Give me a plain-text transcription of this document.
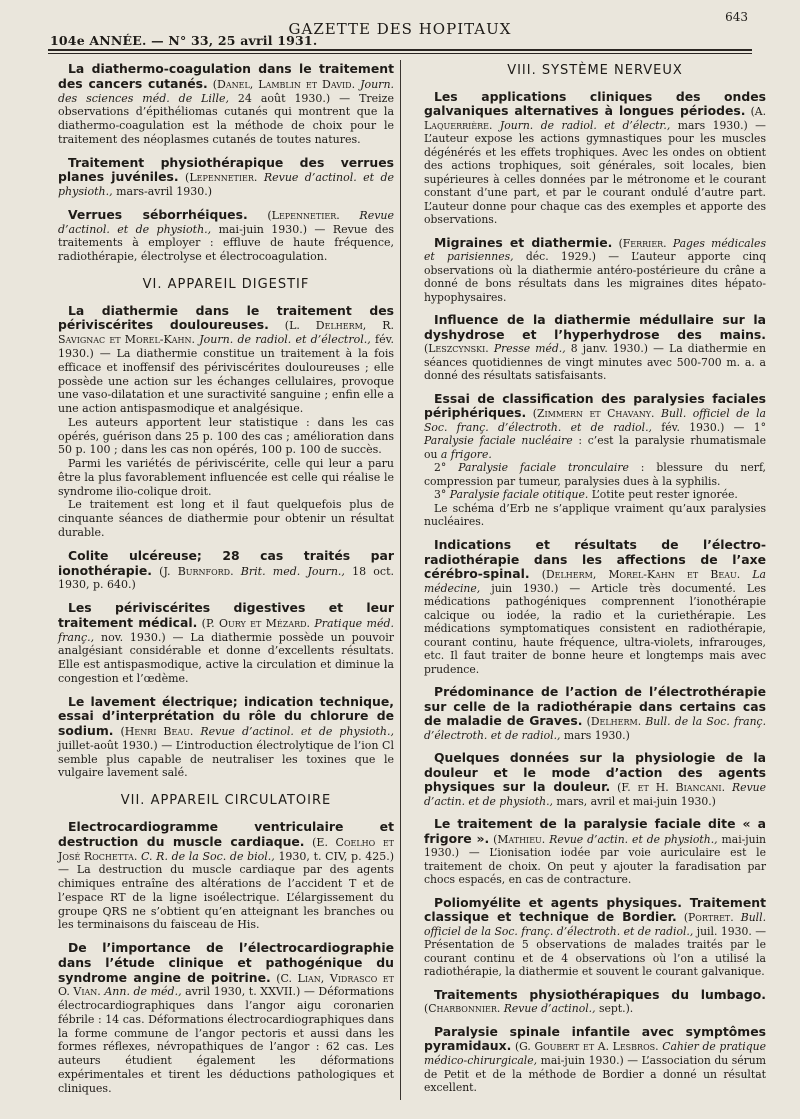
104e ANNÉE. — N° 33, 25 avril 1931.
GAZETTE DES HOPITAUX
643

La diathermo-coagulation dans le traitement des cancers cutanés. (Danel, Lamblin et David. Journ. des sciences méd. de Lille, 24 août 1930.) — Treize observations d’épithéliomas cutanés qui montrent que la diathermo-coagulation est la méthode de choix pour le traitement des néoplasmes cutanés de toutes natures.

Traitement physiothérapique des verrues planes juvéniles. (Lepennetier. Revue d’actinol. et de physioth., mars-avril 1930.)

Verrues séborrhéiques. (Lepennetier. Revue d’actinol. et de physioth., mai-juin 1930.) — Revue des traitements à employer : effluve de haute fréquence, radiothérapie, électrolyse et électrocoagulation.

VI. APPAREIL DIGESTIF

La diathermie dans le traitement des périviscérites douloureuses. (L. Delherm, R. Savignac et Morel-Kahn. Journ. de radiol. et d’électrol., fév. 1930.) — La diathermie constitue un traitement à la fois efficace et inoffensif des périviscérites douloureuses ; elle possède une action sur les échanges cellulaires, provoque une vaso-dilatation et une suractivité sanguine ; enfin elle a une action antispasmodique et analgésique.

Les auteurs apportent leur statistique : dans les cas opérés, guérison dans 25 p. 100 des cas ; amélioration dans 50 p. 100 ; dans les cas non opérés, 100 p. 100 de succès.

Parmi les variétés de périviscérite, celle qui leur a paru être la plus favorablement influencée est celle qui réalise le syndrome ilio-colique droit.

Le traitement est long et il faut quelquefois plus de cinquante séances de diathermie pour obtenir un résultat durable.

Colite ulcéreuse; 28 cas traités par ionothérapie. (J. Burnford. Brit. med. Journ., 18 oct. 1930, p. 640.)

Les périviscérites digestives et leur traitement médical. (P. Oury et Mézard. Pratique méd. franç., nov. 1930.) — La diathermie possède un pouvoir analgésiant considérable et donne d’excellents résultats. Elle est antispasmodique, active la circulation et diminue la congestion et l’œdème.

Le lavement électrique; indication technique, essai d’interprétation du rôle du chlorure de sodium. (Henri Beau. Revue d’actinol. et de physioth., juillet-août 1930.) — L’introduction électrolytique de l’ion Cl semble plus capable de neutraliser les toxines que le vulgaire lavement salé.

VII. APPAREIL CIRCULATOIRE

Electrocardiogramme ventriculaire et destruction du muscle cardiaque. (E. Coelho et José Rochetta. C. R. de la Soc. de biol., 1930, t. CIV, p. 425.) — La destruction du muscle cardiaque par des agents chimiques entraîne des altérations de l’accident T et de l’espace RT de la ligne isoélectrique. L’élargissement du groupe QRS ne s’obtient qu’en atteignant les branches ou les terminaisons du faisceau de His.

De l’importance de l’électrocardiographie dans l’étude clinique et pathogénique du syndrome angine de poitrine. (C. Lian, Vidrasco et O. Vian. Ann. de méd., avril 1930, t. XXVII.) — Déformations électrocardiographiques dans l’angor aigu coronarien fébrile : 14 cas. Déformations électrocardiographiques dans la forme commune de l’angor pectoris et aussi dans les formes réflexes, névropathiques de l’angor : 62 cas. Les auteurs étudient également les déformations expérimentales et tirent les déductions pathologiques et cliniques.

VIII. SYSTÈME NERVEUX

Les applications cliniques des ondes galvaniques alternatives à longues périodes. (A. Laquerrière. Journ. de radiol. et d’électr., mars 1930.) — L’auteur expose les actions gymnastiques pour les muscles dégénérés et les effets trophiques. Avec les ondes on obtient des actions trophiques, soit générales, soit locales, bien supérieures à celles données par le métronome et le courant constant d’une part, et par le courant ondulé d’autre part. L’auteur donne pour chaque cas des exemples et apporte des observations.

Migraines et diathermie. (Ferrier. Pages médicales et parisiennes, déc. 1929.) — L’auteur apporte cinq observations où la diathermie antéro-postérieure du crâne a donné de bons résultats dans les migraines dites hépato-hypophysaires.

Influence de la diathermie médullaire sur la dyshydrose et l’hyperhydrose des mains. (Leszcynski. Presse méd., 8 janv. 1930.) — La diathermie en séances quotidiennes de vingt minutes avec 500-700 m. a. a donné des résultats satisfaisants.

Essai de classification des paralysies faciales périphériques. (Zimmern et Chavany. Bull. officiel de la Soc. franç. d’électroth. et de radiol., fév. 1930.) — 1° Paralysie faciale nucléaire : c’est la paralysie rhumatismale ou a frigore.

2° Paralysie faciale tronculaire : blessure du nerf, compression par tumeur, paralysies dues à la syphilis.

3° Paralysie faciale otitique. L’otite peut rester ignorée.

Le schéma d’Erb ne s’applique vraiment qu’aux paralysies nucléaires.

Indications et résultats de l’électro-radiothérapie dans les affections de l’axe cérébro-spinal. (Delherm, Morel-Kahn et Beau. La médecine, juin 1930.) — Article très documenté. Les médications pathogéniques comprennent l’ionothérapie calcique ou iodée, la radio et la curiethérapie. Les médications symptomatiques consistent en radiothérapie, courant continu, haute fréquence, ultra-violets, infrarouges, etc. Il faut traiter de bonne heure et longtemps mais avec prudence.

Prédominance de l’action de l’électrothérapie sur celle de la radiothérapie dans certains cas de maladie de Graves. (Delherm. Bull. de la Soc. franç. d’électroth. et de radiol., mars 1930.)

Quelques données sur la physiologie de la douleur et le mode d’action des agents physiques sur la douleur. (F. et H. Biancani. Revue d’actin. et de physioth., mars, avril et mai-juin 1930.)

Le traitement de la paralysie faciale dite « a frigore ». (Mathieu. Revue d’actin. et de physioth., mai-juin 1930.) — L’ionisation iodée par voie auriculaire est le traitement de choix. On peut y ajouter la faradisation par chocs espacés, en cas de contracture.

Poliomyélite et agents physiques. Traitement classique et technique de Bordier. (Portret. Bull. officiel de la Soc. franç. d’électroth. et de radiol., juil. 1930. — Présentation de 5 observations de malades traités par le courant continu et de 4 observations où l’on a utilisé la radiothérapie, la diathermie et souvent le courant galvanique.

Traitements physiothérapiques du lumbago. (Charbonnier. Revue d’actinol., sept.).

Paralysie spinale infantile avec symptômes pyramidaux. (G. Goubert et A. Lesbros. Cahier de pratique médico-chirurgicale, mai-juin 1930.) — L’association du sérum de Petit et de la méthode de Bordier a donné un résultat excellent.
